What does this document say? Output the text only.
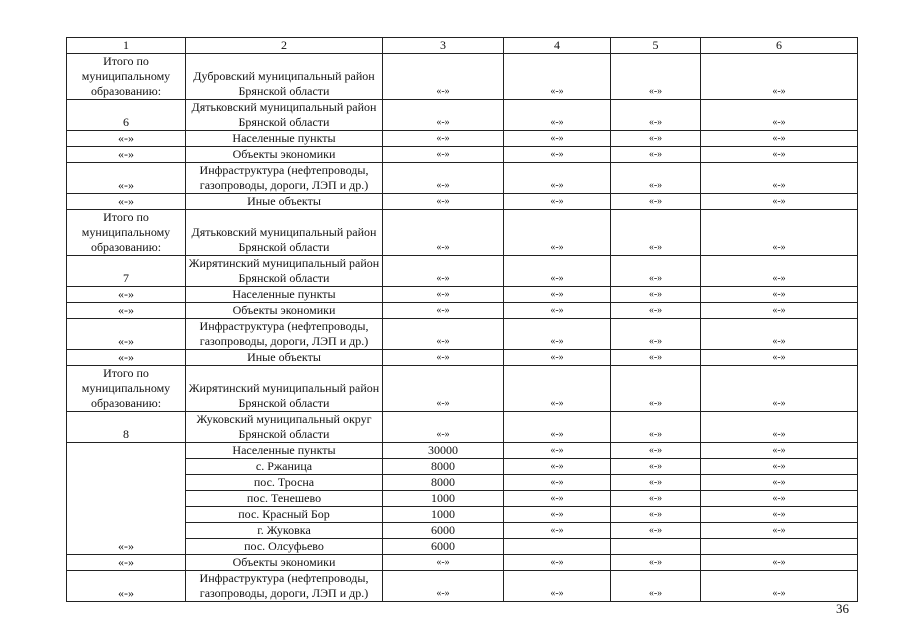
1	2	3	4	5	6
Итого по муниципальному образованию:	Дубровский муниципальный район Брянской области	«-»	«-»	«-»	«-»
6	Дятьковский муниципальный район Брянской области	«-»	«-»	«-»	«-»
«-»	Населенные пункты	«-»	«-»	«-»	«-»
«-»	Объекты экономики	«-»	«-»	«-»	«-»
«-»	Инфраструктура (нефтепроводы, газопроводы, дороги, ЛЭП и др.)	«-»	«-»	«-»	«-»
«-»	Иные объекты	«-»	«-»	«-»	«-»
Итого по муниципальному образованию:	Дятьковский муниципальный район Брянской области	«-»	«-»	«-»	«-»
7	Жирятинский муниципальный район Брянской области	«-»	«-»	«-»	«-»
«-»	Населенные пункты	«-»	«-»	«-»	«-»
«-»	Объекты экономики	«-»	«-»	«-»	«-»
«-»	Инфраструктура (нефтепроводы, газопроводы, дороги, ЛЭП и др.)	«-»	«-»	«-»	«-»
«-»	Иные объекты	«-»	«-»	«-»	«-»
Итого по муниципальному образованию:	Жирятинский муниципальный район Брянской области	«-»	«-»	«-»	«-»
8	Жуковский муниципальный округ Брянской области	«-»	«-»	«-»	«-»
«-»	Населенные пункты	30000	«-»	«-»	«-»
	с. Ржаница	8000	«-»	«-»	«-»
	пос. Тросна	8000	«-»	«-»	«-»
	пос. Тенешево	1000	«-»	«-»	«-»
	пос. Красный Бор	1000	«-»	«-»	«-»
	г. Жуковка	6000	«-»	«-»	«-»
	пос. Олсуфьево	6000			
«-»	Объекты экономики	«-»	«-»	«-»	«-»
«-»	Инфраструктура (нефтепроводы, газопроводы, дороги, ЛЭП и др.)	«-»	«-»	«-»	«-»
36
